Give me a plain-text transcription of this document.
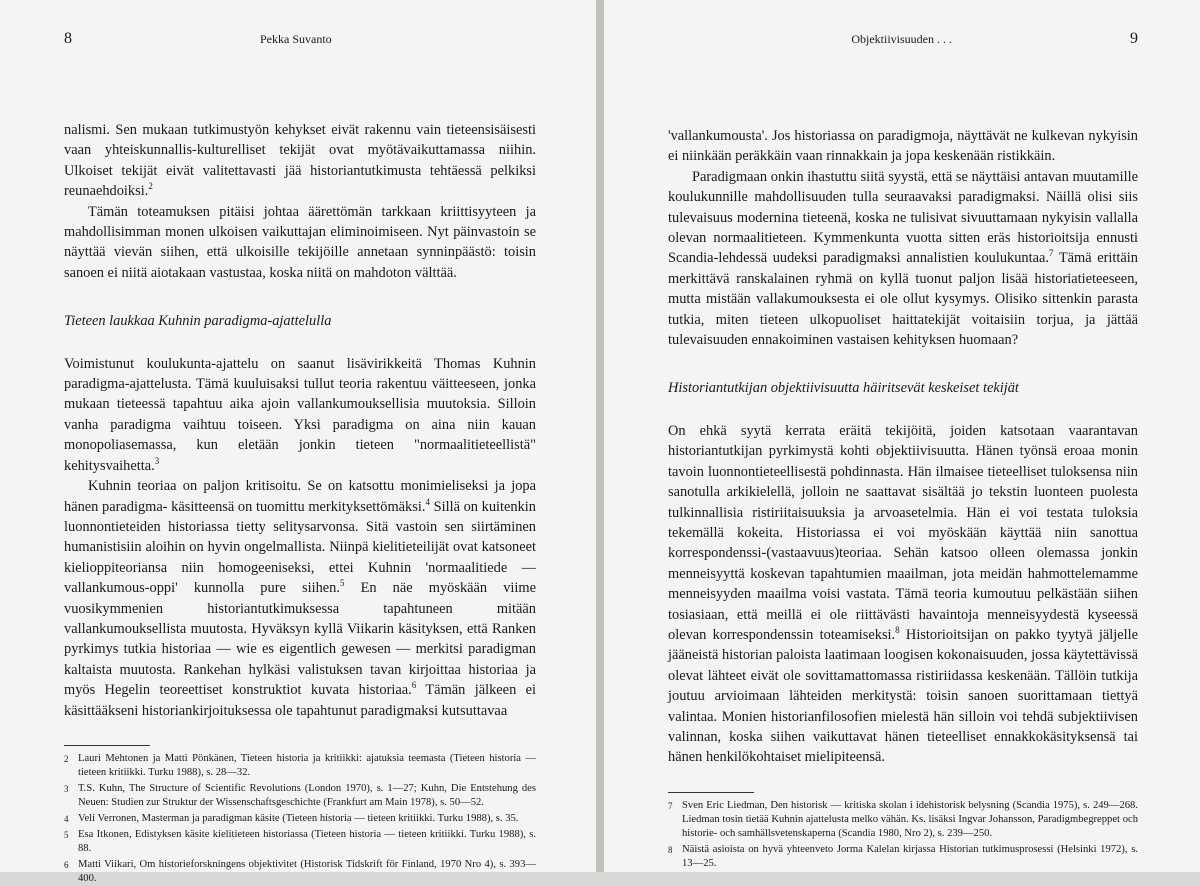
8	Pekka Suvanto

nalismi. Sen mukaan tutkimustyön kehykset eivät rakennu vain tieteensisäisesti vaan yhteiskunnallis-kulturelliset tekijät ovat myötävaikuttamassa niihin. Ulkoiset tekijät eivät valitettavasti jää historiantutkimusta tehtäessä pelkiksi reunaehdoiksi.$^2$

Tämän toteamuksen pitäisi johtaa äärettömän tarkkaan kriittisyyteen ja mahdollisimman monen ulkoisen vaikuttajan eliminoimiseen. Nyt päinvastoin se näyttää vievän siihen, että ulkoisille tekijöille annetaan synninpäästö: toisin sanoen ei niitä aiotakaan vastustaa, koska niitä on mahdoton välttää.

Tieteen laukkaa Kuhnin paradigma-ajattelulla

Voimistunut koulukunta-ajattelu on saanut lisävirikkeitä Thomas Kuhnin paradigma-ajattelusta. Tämä kuuluisaksi tullut teoria rakentuu väitteeseen, jonka mukaan tieteessä tapahtuu aika ajoin vallankumouksellisia muutoksia. Silloin vanha paradigma vaihtuu toiseen. Yksi paradigma on aina niin kauan monopoliasemassa, kun eletään jonkin tieteen "normaalitieteellistä" kehitysvaihetta.$^3$

Kuhnin teoriaa on paljon kritisoitu. Se on katsottu monimieliseksi ja jopa hänen paradigma- käsitteensä on tuomittu merkityksettömäksi.$^4$ Sillä on kuitenkin luonnontieteiden historiassa tietty selitysarvonsa. Sitä vastoin sen siirtäminen humanistisiin aloihin on hyvin ongelmallista. Niinpä kielitieteilijät ovat katsoneet kielioppiteoriansa niin homogeeniseksi, ettei Kuhnin 'normaalitiede — vallankumous-oppi' kunnolla pure siihen.$^5$ En näe myöskään viime vuosikymmenien historiantutkimuksessa tapahtuneen mitään vallankumouksellista muutosta. Hyväksyn kyllä Viikarin käsityksen, että Ranken pyrkimys tutkia historiaa — wie es eigentlich gewesen — merkitsi paradigman kaltaista muutosta. Rankehan hylkäsi valistuksen tavan kirjoittaa historiaa ja myös Hegelin teoreettiset konstruktiot kuvata historiaa.$^6$ Tämän jälkeen ei käsittääkseni historiankirjoituksessa ole tapahtunut paradigmaksi kutsuttavaa

2 Lauri Mehtonen ja Matti Pönkänen, Tieteen historia ja kritiikki: ajatuksia teemasta (Tieteen historia — tieteen kritiikki. Turku 1988), s. 28—32.
3 T.S. Kuhn, The Structure of Scientific Revolutions (London 1970), s. 1—27; Kuhn, Die Entstehung des Neuen: Studien zur Struktur der Wissenschaftsgeschichte (Frankfurt am Main 1978), s. 50—52.
4 Veli Verronen, Masterman ja paradigman käsite (Tieteen historia — tieteen kritiikki. Turku 1988), s. 35.
5 Esa Itkonen, Edistyksen käsite kielitieteen historiassa (Tieteen historia — tieteen kritiikki. Turku 1988), s. 88.
6 Matti Viikari, Om historieforskningens objektivitet (Historisk Tidskrift för Finland, 1970 Nro 4), s. 393—400.
Objektiivisuuden . . .	9

'vallankumousta'. Jos historiassa on paradigmoja, näyttävät ne kulkevan nykyisin ei niinkään peräkkäin vaan rinnakkain ja jopa keskenään ristikkäin.

Paradigmaan onkin ihastuttu siitä syystä, että se näyttäisi antavan muutamille koulukunnille mahdollisuuden tulla seuraavaksi paradigmaksi. Näillä olisi siis tulevaisuus modernina tieteenä, koska ne tulisivat sivuuttamaan nykyisin vallalla olevan normaalitieteen. Kymmenkunta vuotta sitten eräs historioitsija ennusti Scandia-lehdessä uudeksi paradigmaksi annalistien koulukuntaa.$^7$ Tämä erittäin merkittävä ranskalainen ryhmä on kyllä tuonut paljon lisää historiatieteeseen, mutta mistään vallakumouksesta ei ole ollut kysymys. Olisiko sittenkin parasta tutkia, miten tieteen ulkopuoliset haittatekijät voitaisiin torjua, ja jättää tulevaisuuden ennakoiminen vastaisen kehityksen huomaan?

Historiantutkijan objektiivisuutta häiritsevät keskeiset tekijät

On ehkä syytä kerrata eräitä tekijöitä, joiden katsotaan vaarantavan historiantutkijan pyrkimystä kohti objektiivisuutta. Hänen työnsä eroaa monin tavoin luonnontieteellisestä pohdinnasta. Hän ilmaisee tieteelliset tuloksensa niin sanotulla arkikielellä, jolloin ne saattavat sisältää jo tekstin luonteen puolesta tulkinnallisia ristiriitaisuuksia ja arvoasetelmia. Hän ei voi testata tuloksia tekemällä kokeita. Historiassa ei voi myöskään käyttää niin sanottua korrespondenssi-(vastaavuus)teoriaa. Sehän katsoo olleen olemassa jonkin menneisyyttä koskevan tapahtumien maailman, jota meidän hahmottelemamme menneisyyden maailma voisi vastata. Tämä teoria kumoutuu pelkästään siihen tosiasiaan, että meillä ei ole riittävästi havaintoja menneisyydestä kyseessä olevan korrespondenssin toteamiseksi.$^8$ Historioitsijan on pakko tyytyä jäljelle jääneistä historian paloista laatimaan loogisen kokonaisuuden, jossa käytettävissä olevat lähteet eivät ole sovittamattomassa ristiriidassa keskenään. Tällöin tutkija joutuu arvioimaan lähteiden merkitystä: toisin sanoen suorittamaan tiettyä valintaa. Monien historianfilosofien mielestä hän silloin voi tehdä subjektiivisen valinnan, koska siihen vaikuttavat hänen tieteelliset ennakkokäsityksensä tai hänen henkilökohtaiset mielipiteensä.

7 Sven Eric Liedman, Den historisk — kritiska skolan i idehistorisk belysning (Scandia 1975), s. 249—268. Liedman tosin tietää Kuhnin ajattelusta melko vähän. Ks. lisäksi Ingvar Johansson, Paradigmbegreppet och historie- och samhällsvetenskaperna (Scandia 1980, Nro 2), s. 239—250.
8 Näistä asioista on hyvä yhteenveto Jorma Kalelan kirjassa Historian tutkimusprosessi (Helsinki 1972), s. 13—25.
